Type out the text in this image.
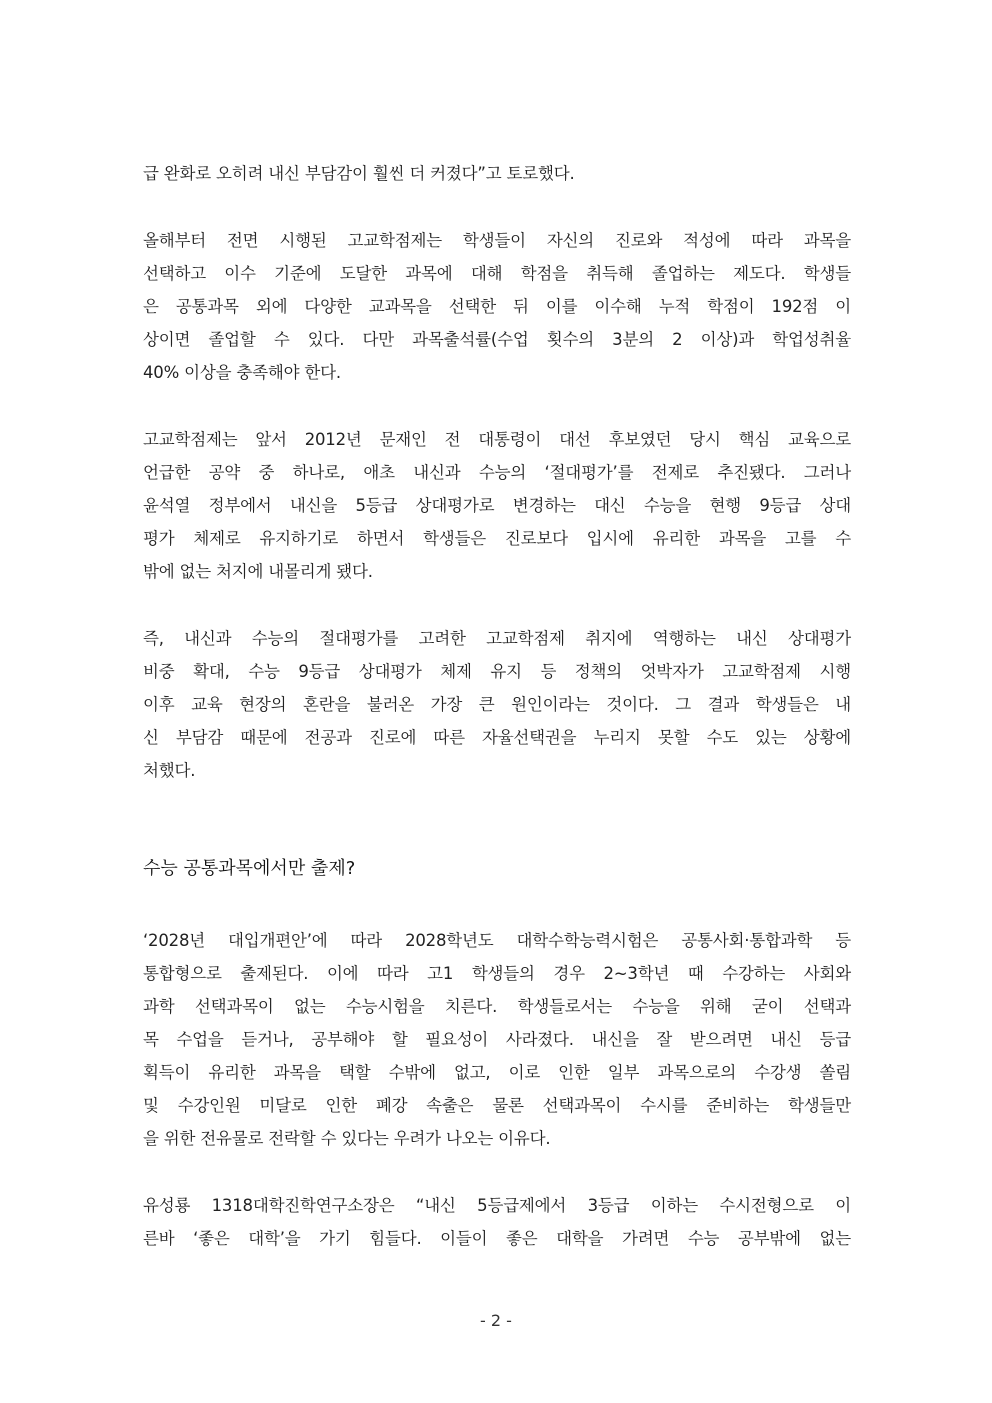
급 완화로 오히려 내신 부담감이 훨씬 더 커졌다”고 토로했다.
올해부터 전면 시행된 고교학점제는 학생들이 자신의 진로와 적성에 따라 과목을
선택하고 이수 기준에 도달한 과목에 대해 학점을 취득해 졸업하는 제도다. 학생들
은 공통과목 외에 다양한 교과목을 선택한 뒤 이를 이수해 누적 학점이 192점 이
상이면 졸업할 수 있다. 다만 과목출석률(수업 횟수의 3분의 2 이상)과 학업성취율
40% 이상을 충족해야 한다.
고교학점제는 앞서 2012년 문재인 전 대통령이 대선 후보였던 당시 핵심 교육으로
언급한 공약 중 하나로, 애초 내신과 수능의 ‘절대평가’를 전제로 추진됐다. 그러나
윤석열 정부에서 내신을 5등급 상대평가로 변경하는 대신 수능을 현행 9등급 상대
평가 체제로 유지하기로 하면서 학생들은 진로보다 입시에 유리한 과목을 고를 수
밖에 없는 처지에 내몰리게 됐다.
즉, 내신과 수능의 절대평가를 고려한 고교학점제 취지에 역행하는 내신 상대평가
비중 확대, 수능 9등급 상대평가 체제 유지 등 정책의 엇박자가 고교학점제 시행
이후 교육 현장의 혼란을 불러온 가장 큰 원인이라는 것이다. 그 결과 학생들은 내
신 부담감 때문에 전공과 진로에 따른 자율선택권을 누리지 못할 수도 있는 상황에
처했다.
수능 공통과목에서만 출제?
‘2028년 대입개편안’에 따라 2028학년도 대학수학능력시험은 공통사회·통합과학 등
통합형으로 출제된다. 이에 따라 고1 학생들의 경우 2~3학년 때 수강하는 사회와
과학 선택과목이 없는 수능시험을 치른다. 학생들로서는 수능을 위해 굳이 선택과
목 수업을 듣거나, 공부해야 할 필요성이 사라졌다. 내신을 잘 받으려면 내신 등급
획득이 유리한 과목을 택할 수밖에 없고, 이로 인한 일부 과목으로의 수강생 쏠림
및 수강인원 미달로 인한 폐강 속출은 물론 선택과목이 수시를 준비하는 학생들만
을 위한 전유물로 전락할 수 있다는 우려가 나오는 이유다.
유성룡 1318대학진학연구소장은 “내신 5등급제에서 3등급 이하는 수시전형으로 이
른바 ‘좋은 대학’을 가기 힘들다. 이들이 좋은 대학을 가려면 수능 공부밖에 없는
- 2 -
